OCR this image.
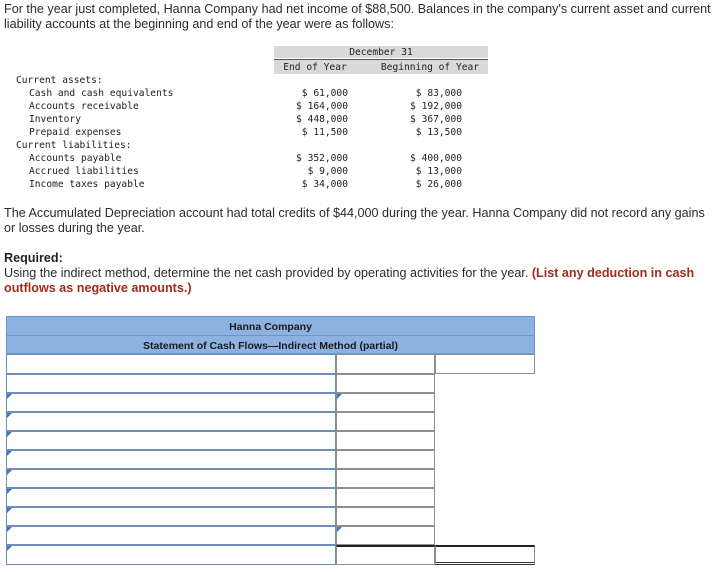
For the year just completed, Hanna Company had net income of $88,500. Balances in the company's current asset and current liability accounts at the beginning and end of the year were as follows:
December 31
End of Year	Beginning of Year
Current assets:
Cash and cash equivalents
Accounts receivable
Inventory
Prepaid expenses
Current liabilities:
Accounts payable
Accrued liabilities
Income taxes payable
$ 61,000
$ 164,000
$ 448,000
$ 11,500
$ 352,000
$ 9,000
$ 34,000
$ 83,000
$ 192,000
$ 367,000
$ 13,500
$ 400,000
$ 13,000
$ 26,000
The Accumulated Depreciation account had total credits of $44,000 during the year. Hanna Company did not record any gains or losses during the year.
Required:
Using the indirect method, determine the net cash provided by operating activities for the year. (List any deduction in cash outflows as negative amounts.)
Hanna Company
Statement of Cash Flows—Indirect Method (partial)
